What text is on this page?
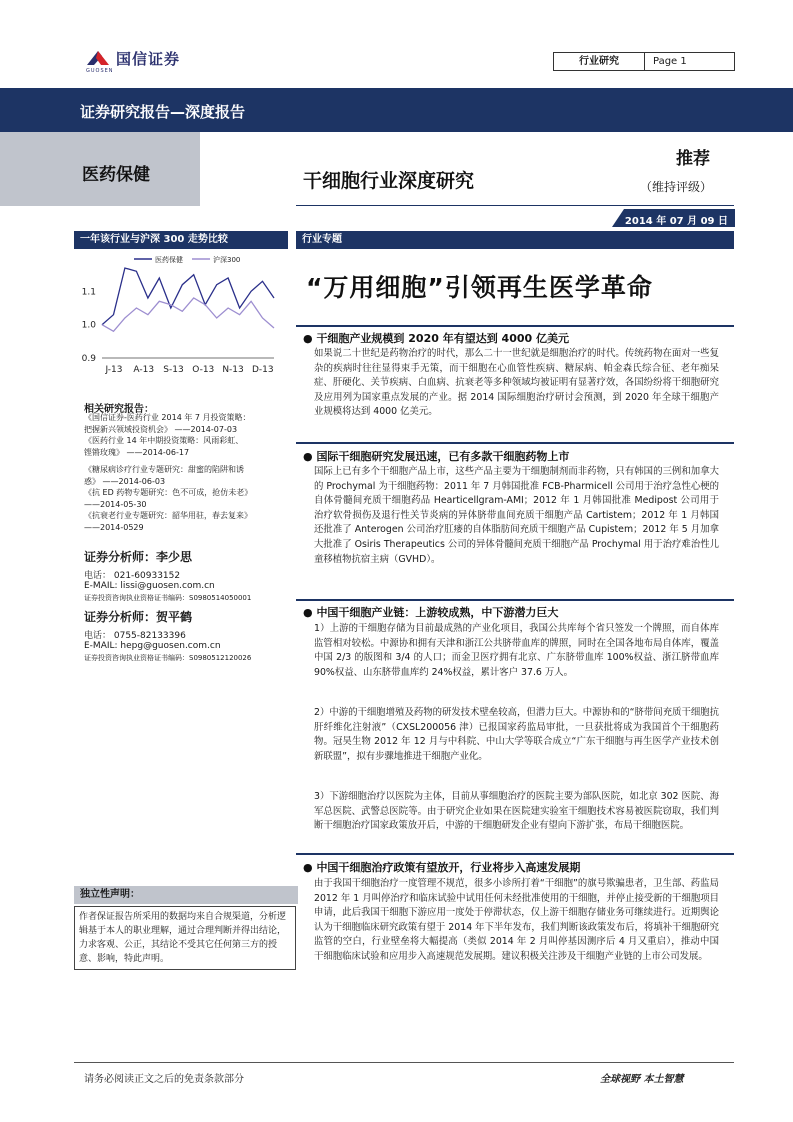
国信证券
GUOSEN
行业研究	Page 1
证券研究报告—深度报告
医药保健	干细胞行业深度研究
推荐
（维持评级）
2014 年 07 月 09 日
一年该行业与沪深 300 走势比较
0.9
1.0
1.1
J-13 A-13 S-13 O-13 N-13 D-13
医药保健	沪深300
相关研究报告：
《国信证券-医药行业 2014 年 7 月投资策略：
把握新兴领域投资机会》 ——2014-07-03
《医药行业 14 年中期投资策略：风雨彩虹、
铿锵玫瑰》 ——2014-06-17
《糖尿病诊疗行业专题研究：甜蜜的陷阱和诱
惑》 ——2014-06-03
《抗 ED 药物专题研究：色不可成，抢仿未老》
——2014-05-30
《抗衰老行业专题研究：韶华用驻，春去复来》
——2014-0529
证券分析师：李少思
电话： 021-60933152
E-MAIL: lissi@guosen.com.cn
证券投资咨询执业资格证书编码：S0980514050001
证券分析师：贺平鹤
电话： 0755-82133396
E-MAIL: hepg@guosen.com.cn
证券投资咨询执业资格证书编码：S0980512120026
独立性声明：
作者保证报告所采用的数据均来自合规渠道，分析逻辑基于本人的职业理解，通过合理判断并得出结论，力求客观、公正，其结论不受其它任何第三方的授意、影响，特此声明。
行业专题
“万用细胞”引领再生医学革命
● 干细胞产业规模到 2020 年有望达到 4000 亿美元
如果说二十世纪是药物治疗的时代，那么二十一世纪就是细胞治疗的时代。传统药物在面对一些复杂的疾病时往往显得束手无策，而干细胞在心血管性疾病、糖尿病、帕金森氏综合征、老年痴呆症、肝硬化、关节疾病、白血病、抗衰老等多种领域均被证明有显著疗效，各国纷纷将干细胞研究及应用列为国家重点发展的产业。据 2014 国际细胞治疗研讨会预测，到 2020 年全球干细胞产业规模将达到 4000 亿美元。
● 国际干细胞研究发展迅速，已有多款干细胞药物上市
国际上已有多个干细胞产品上市，这些产品主要为干细胞制剂而非药物，只有韩国的三例和加拿大的 Prochymal 为干细胞药物：2011 年 7 月韩国批准 FCB-Pharmicell 公司用于治疗急性心梗的自体骨髓间充质干细胞药品 Hearticellgram-AMI；2012 年 1 月韩国批准 Medipost 公司用于治疗软骨损伤及退行性关节炎病的异体脐带血间充质干细胞产品 Cartistem；2012 年 1 月韩国还批准了 Anterogen 公司治疗肛瘘的自体脂肪间充质干细胞产品 Cupistem；2012 年 5 月加拿大批准了 Osiris Therapeutics 公司的异体骨髓间充质干细胞产品 Prochymal 用于治疗难治性儿童移植物抗宿主病（GVHD）。
● 中国干细胞产业链：上游较成熟，中下游潜力巨大
1）上游的干细胞存储为目前最成熟的产业化项目，我国公共库每个省只签发一个牌照，而自体库监管相对较松。中源协和拥有天津和浙江公共脐带血库的牌照，同时在全国各地布局自体库，覆盖中国 2/3 的版图和 3/4 的人口；而金卫医疗拥有北京、广东脐带血库 100%权益、浙江脐带血库 90%权益、山东脐带血库约 24%权益，累计客户 37.6 万人。
2）中游的干细胞增殖及药物的研发技术壁垒较高，但潜力巨大。中源协和的“脐带间充质干细胞抗肝纤维化注射液”（CXSL200056 津）已报国家药监局审批，一旦获批将成为我国首个干细胞药物。冠昊生物 2012 年 12 月与中科院、中山大学等联合成立“广东干细胞与再生医学产业技术创新联盟”，拟有步骤地推进干细胞产业化。
3）下游细胞治疗以医院为主体，目前从事细胞治疗的医院主要为部队医院，如北京 302 医院、海军总医院、武警总医院等。由于研究企业如果在医院建实验室干细胞技术容易被医院窃取，我们判断干细胞治疗国家政策放开后，中游的干细胞研发企业有望向下游扩张，布局干细胞医院。
● 中国干细胞治疗政策有望放开，行业将步入高速发展期
由于我国干细胞治疗一度管理不规范，很多小诊所打着“干细胞”的旗号欺骗患者，卫生部、药监局 2012 年 1 月叫停治疗和临床试验中试用任何未经批准使用的干细胞，并停止接受新的干细胞项目申请，此后我国干细胞下游应用一度处于停滞状态，仅上游干细胞存储业务可继续进行。近期舆论认为干细胞临床研究政策有望于 2014 年下半年发布，我们判断该政策发布后，将填补干细胞研究监管的空白，行业壁垒将大幅提高（类似 2014 年 2 月叫停基因测序后 4 月又重启），推动中国干细胞临床试验和应用步入高速规范发展期。建议积极关注涉及干细胞产业链的上市公司发展。
请务必阅读正文之后的免责条款部分	全球视野 本土智慧
